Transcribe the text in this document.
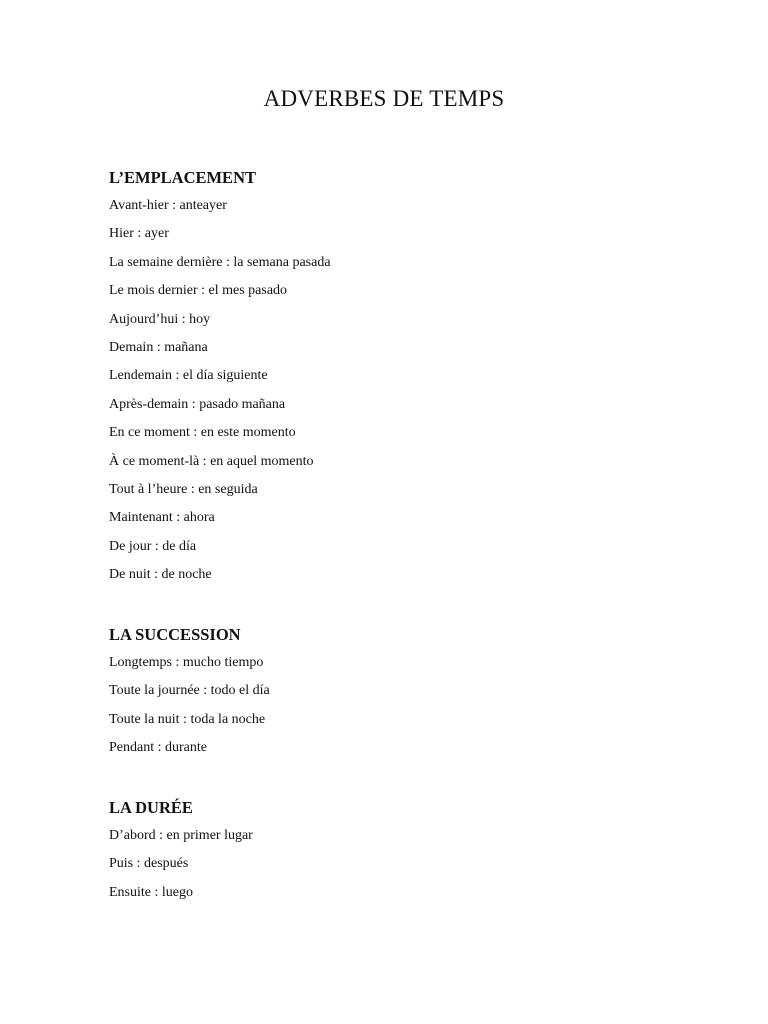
ADVERBES DE TEMPS
L’EMPLACEMENT
Avant-hier : anteayer
Hier : ayer
La semaine dernière : la semana pasada
Le mois dernier : el mes pasado
Aujourd’hui : hoy
Demain : mañana
Lendemain : el día siguiente
Après-demain : pasado mañana
En ce moment : en este momento
À ce moment-là : en aquel momento
Tout à l’heure : en seguida
Maintenant : ahora
De jour : de día
De nuit : de noche
LA SUCCESSION
Longtemps : mucho tiempo
Toute la journée : todo el día
Toute la nuit : toda la noche
Pendant : durante
LA DURÉE
D’abord : en primer lugar
Puis : después
Ensuite : luego
